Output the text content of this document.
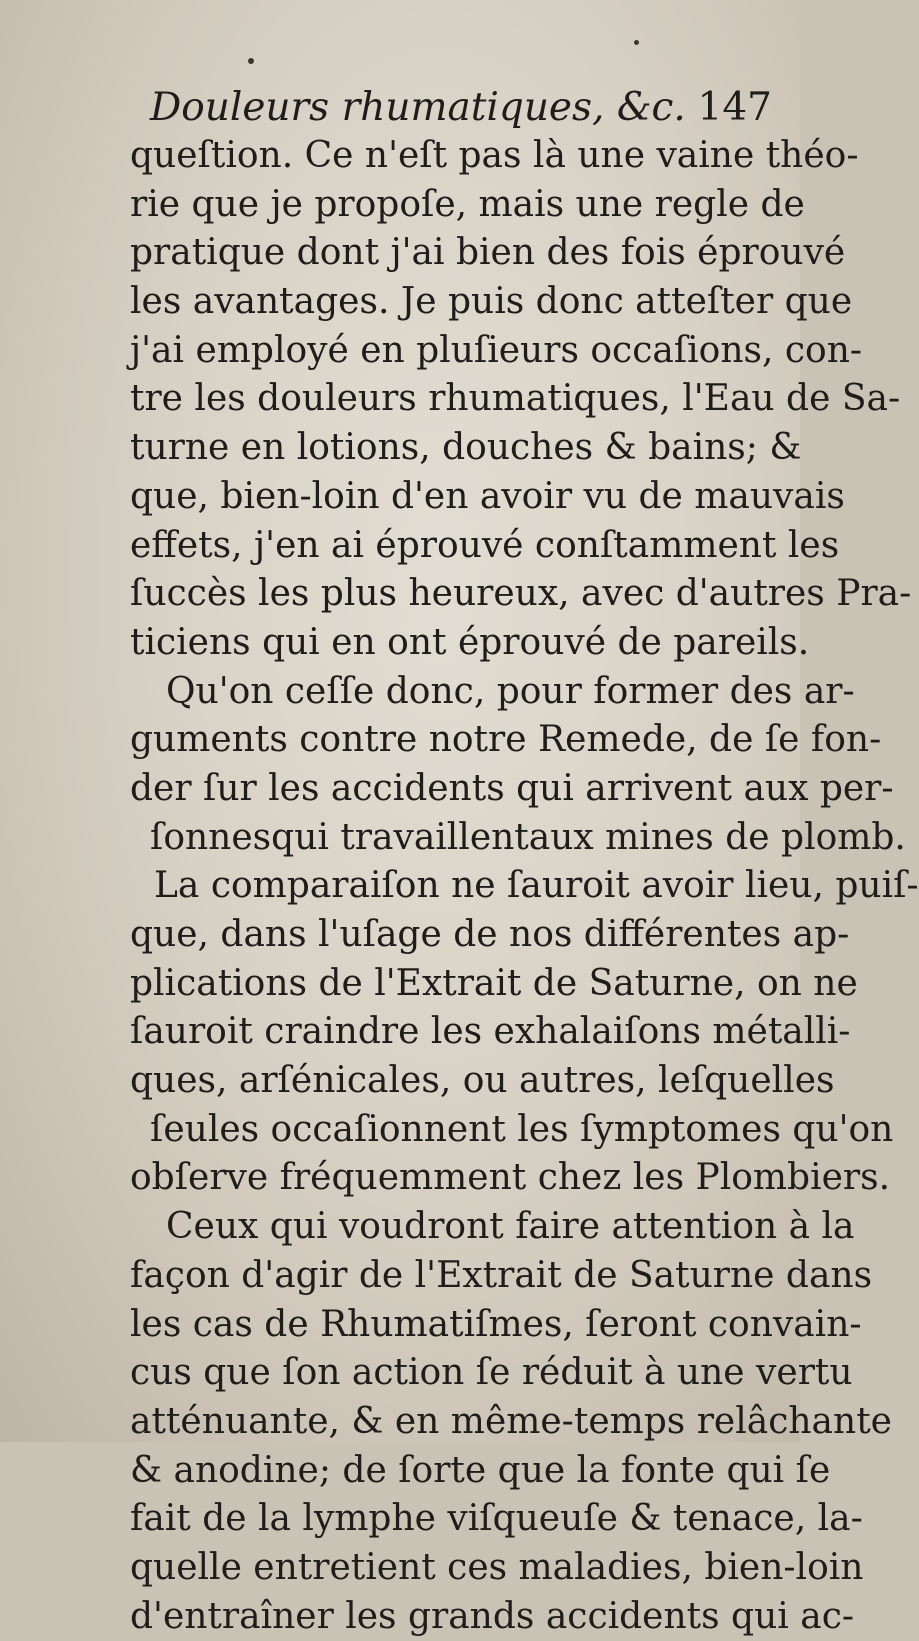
Douleurs rhumatiques, &c. 147
queſtion. Ce n'eſt pas là une vaine théo-
rie que je propoſe, mais une regle de
pratique dont j'ai bien des fois éprouvé
les avantages. Je puis donc atteſter que
j'ai employé en pluſieurs occaſions, con-
tre les douleurs rhumatiques, l'Eau de Sa-
turne en lotions, douches & bains; &
que, bien-loin d'en avoir vu de mauvais
effets, j'en ai éprouvé conſtamment les
ſuccès les plus heureux, avec d'autres Pra-
ticiens qui en ont éprouvé de pareils.
Qu'on ceſſe donc, pour former des ar-
guments contre notre Remede, de ſe fon-
der ſur les accidents qui arrivent aux per-
ſonnesqui travaillentaux mines de plomb.
La comparaiſon ne ſauroit avoir lieu, puiſ-
que, dans l'uſage de nos différentes ap-
plications de l'Extrait de Saturne, on ne
ſauroit craindre les exhalaiſons métalli-
ques, arſénicales, ou autres, leſquelles
ſeules occaſionnent les ſymptomes qu'on
obſerve fréquemment chez les Plombiers.
Ceux qui voudront faire attention à la
façon d'agir de l'Extrait de Saturne dans
les cas de Rhumatiſmes, ſeront convain-
cus que ſon action ſe réduit à une vertu
atténuante, & en même-temps relâchante
& anodine; de ſorte que la fonte qui ſe
fait de la lymphe viſqueuſe & tenace, la-
quelle entretient ces maladies, bien-loin
d'entraîner les grands accidents qui ac-
